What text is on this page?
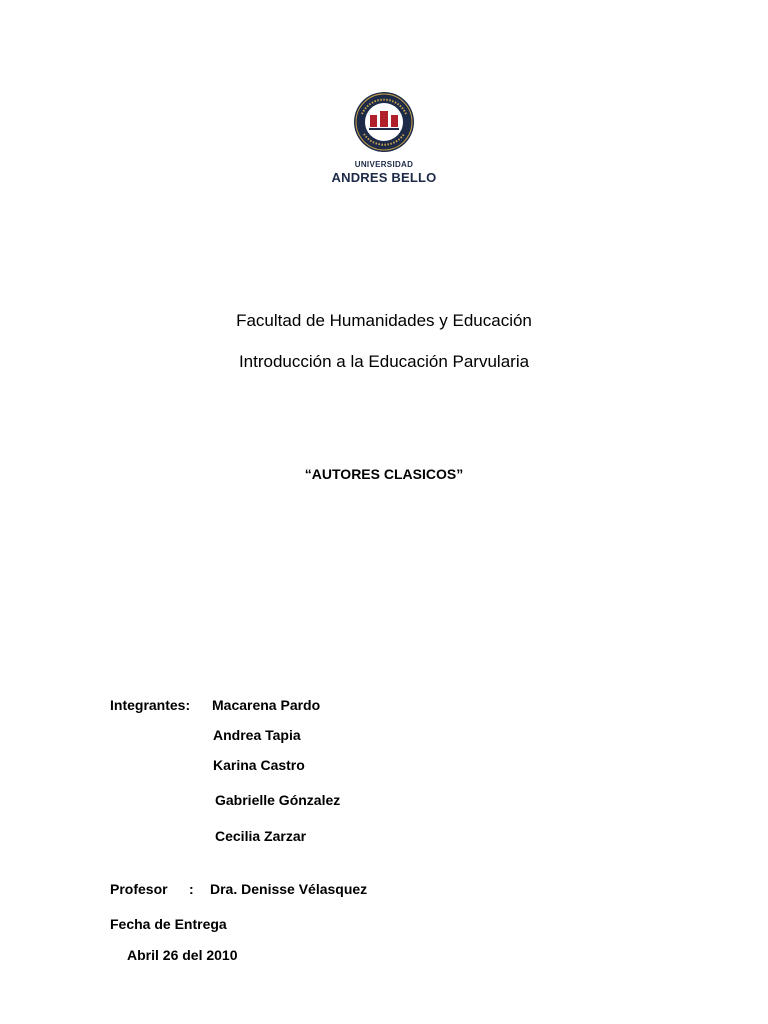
UNIVERSIDAD
ANDRES BELLO
Facultad de Humanidades y Educación
Introducción a la Educación Parvularia
“AUTORES CLASICOS”
Integrantes: Macarena Pardo
Andrea Tapia
Karina Castro
Gabrielle Gónzalez
Cecilia Zarzar
Profesor : Dra. Denisse Vélasquez
Fecha de Entrega
Abril 26 del 2010
